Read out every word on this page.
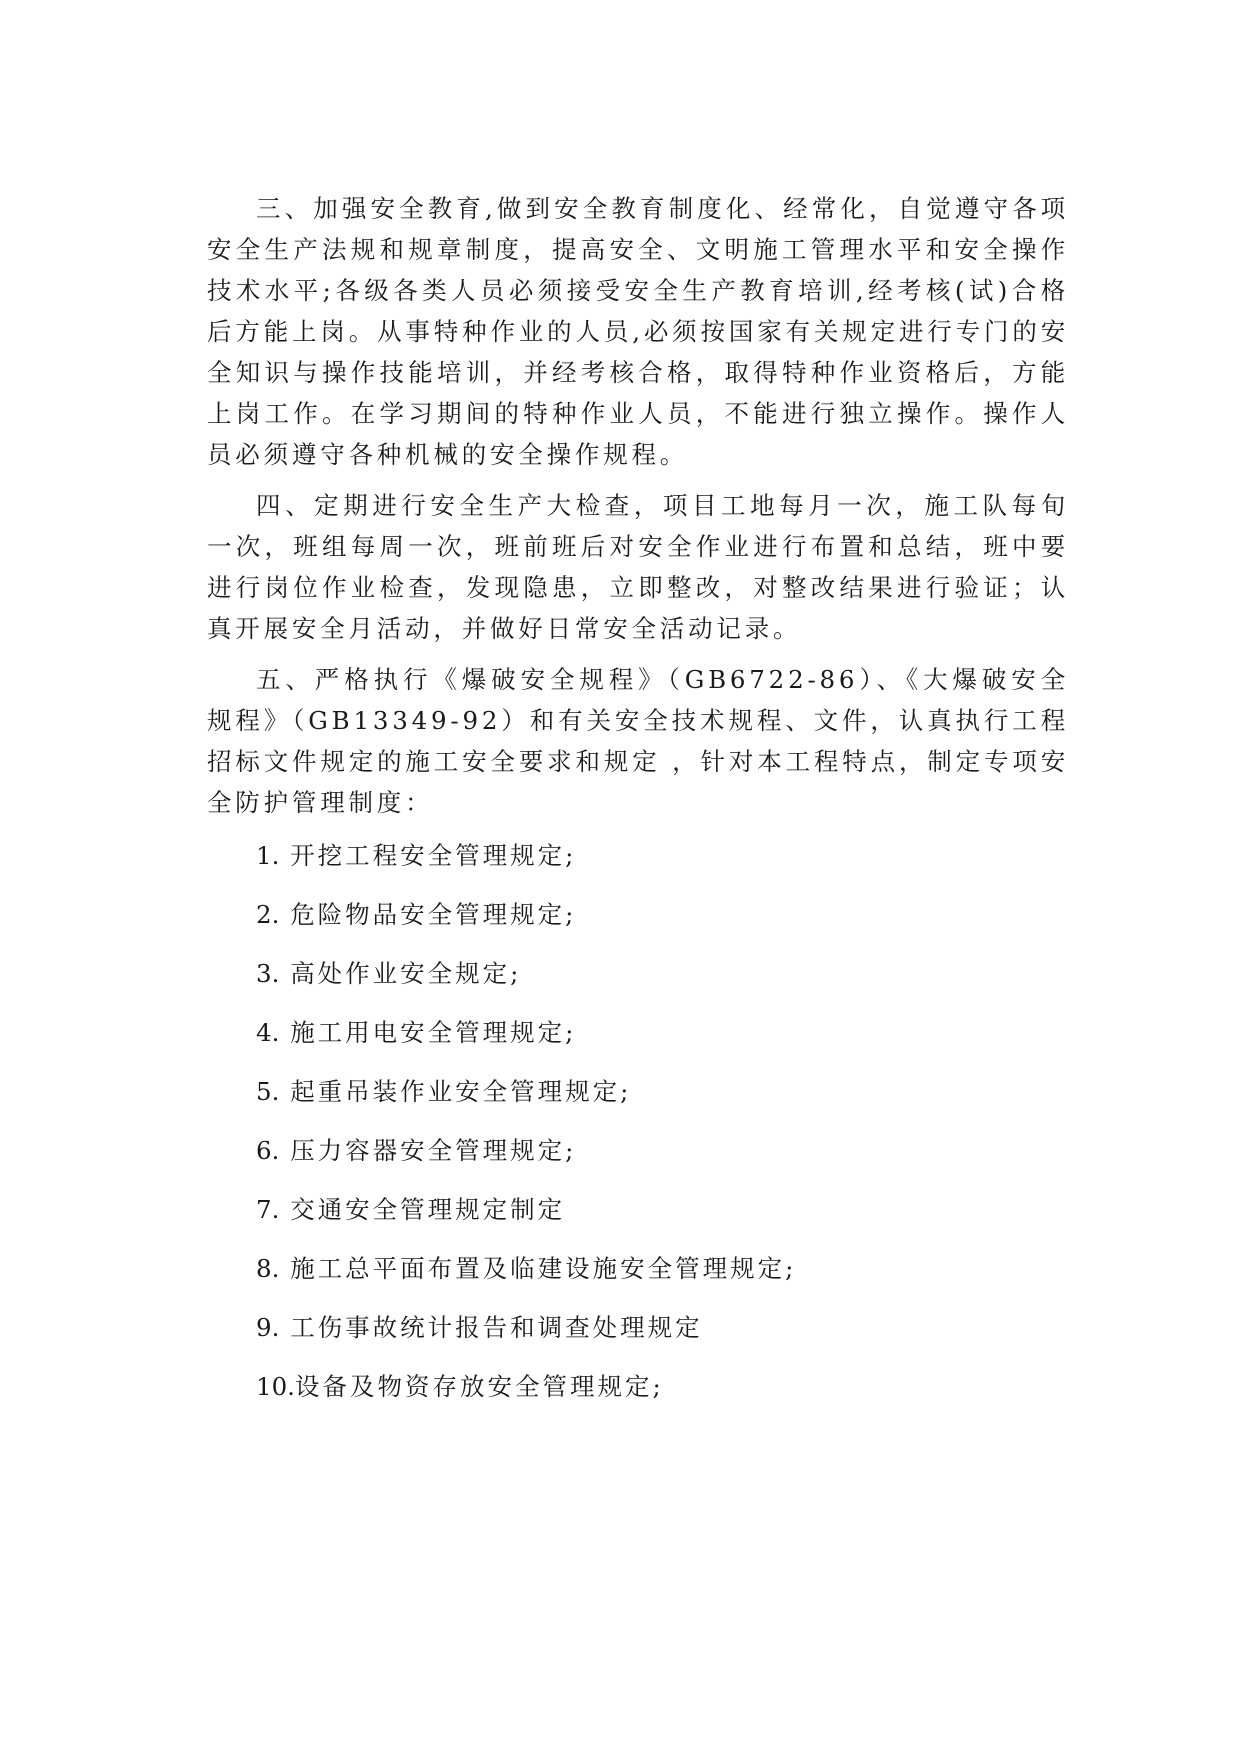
三、加强安全教育,做到安全教育制度化、经常化，自觉遵守各项安全生产法规和规章制度，提高安全、文明施工管理水平和安全操作技术水平;各级各类人员必须接受安全生产教育培训,经考核(试)合格后方能上岗。从事特种作业的人员,必须按国家有关规定进行专门的安全知识与操作技能培训，并经考核合格，取得特种作业资格后，方能上岗工作。在学习期间的特种作业人员，不能进行独立操作。操作人员必须遵守各种机械的安全操作规程。

四、定期进行安全生产大检查，项目工地每月一次，施工队每旬一次，班组每周一次，班前班后对安全作业进行布置和总结，班中要进行岗位作业检查，发现隐患，立即整改，对整改结果进行验证；认真开展安全月活动，并做好日常安全活动记录。

五、严格执行《爆破安全规程》（GB6722-86）、《大爆破安全规程》（GB13349-92）和有关安全技术规程、文件，认真执行工程招标文件规定的施工安全要求和规定 ，针对本工程特点，制定专项安全防护管理制度：

1. 开挖工程安全管理规定;
2. 危险物品安全管理规定;
3. 高处作业安全规定;
4. 施工用电安全管理规定;
5. 起重吊装作业安全管理规定;
6. 压力容器安全管理规定;
7. 交通安全管理规定制定
8. 施工总平面布置及临建设施安全管理规定;
9. 工伤事故统计报告和调查处理规定
10.设备及物资存放安全管理规定;
